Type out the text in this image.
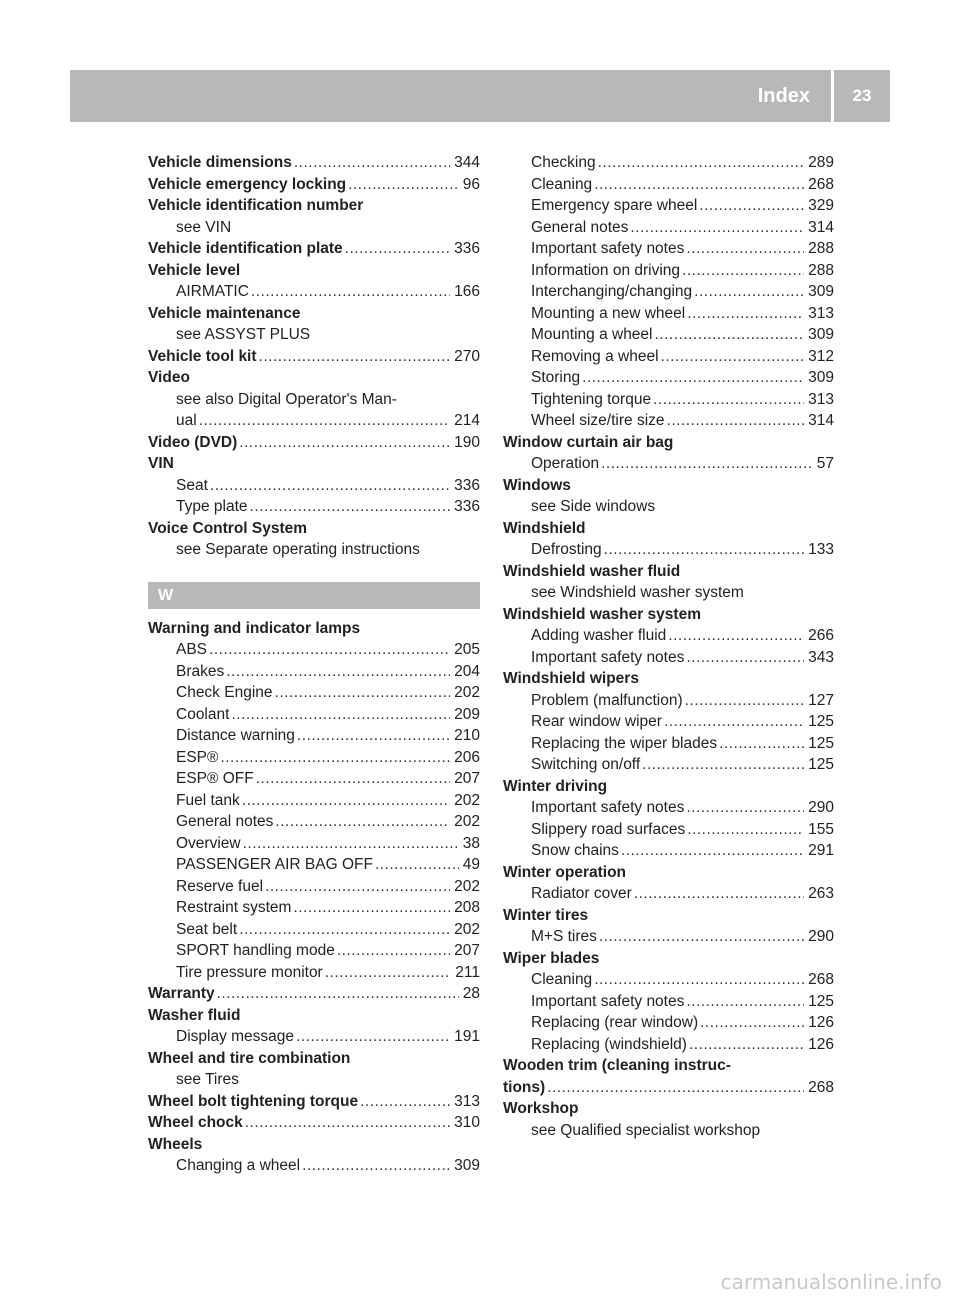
Index	23
Vehicle dimensions .....	344
Vehicle emergency locking .....	96
Vehicle identification number
see VIN
Vehicle identification plate .....	336
Vehicle level
AIRMATIC .....	166
Vehicle maintenance
see ASSYST PLUS
Vehicle tool kit .....	270
Video
see also Digital Operator's Man-
ual .....	214
Video (DVD) .....	190
VIN
Seat .....	336
Type plate .....	336
Voice Control System
see Separate operating instructions
W
Warning and indicator lamps
ABS .....	205
Brakes .....	204
Check Engine .....	202
Coolant .....	209
Distance warning .....	210
ESP® .....	206
ESP® OFF .....	207
Fuel tank .....	202
General notes .....	202
Overview .....	38
PASSENGER AIR BAG OFF .....	49
Reserve fuel .....	202
Restraint system .....	208
Seat belt .....	202
SPORT handling mode .....	207
Tire pressure monitor .....	211
Warranty .....	28
Washer fluid
Display message .....	191
Wheel and tire combination
see Tires
Wheel bolt tightening torque .....	313
Wheel chock .....	310
Wheels
Changing a wheel .....	309
Checking .....	289
Cleaning .....	268
Emergency spare wheel .....	329
General notes .....	314
Important safety notes .....	288
Information on driving .....	288
Interchanging/changing .....	309
Mounting a new wheel .....	313
Mounting a wheel .....	309
Removing a wheel .....	312
Storing .....	309
Tightening torque .....	313
Wheel size/tire size .....	314
Window curtain air bag
Operation .....	57
Windows
see Side windows
Windshield
Defrosting .....	133
Windshield washer fluid
see Windshield washer system
Windshield washer system
Adding washer fluid .....	266
Important safety notes .....	343
Windshield wipers
Problem (malfunction) .....	127
Rear window wiper .....	125
Replacing the wiper blades .....	125
Switching on/off .....	125
Winter driving
Important safety notes .....	290
Slippery road surfaces .....	155
Snow chains .....	291
Winter operation
Radiator cover .....	263
Winter tires
M+S tires .....	290
Wiper blades
Cleaning .....	268
Important safety notes .....	125
Replacing (rear window) .....	126
Replacing (windshield) .....	126
Wooden trim (cleaning instruc-
tions) .....	268
Workshop
see Qualified specialist workshop
carmanualsonline.info
